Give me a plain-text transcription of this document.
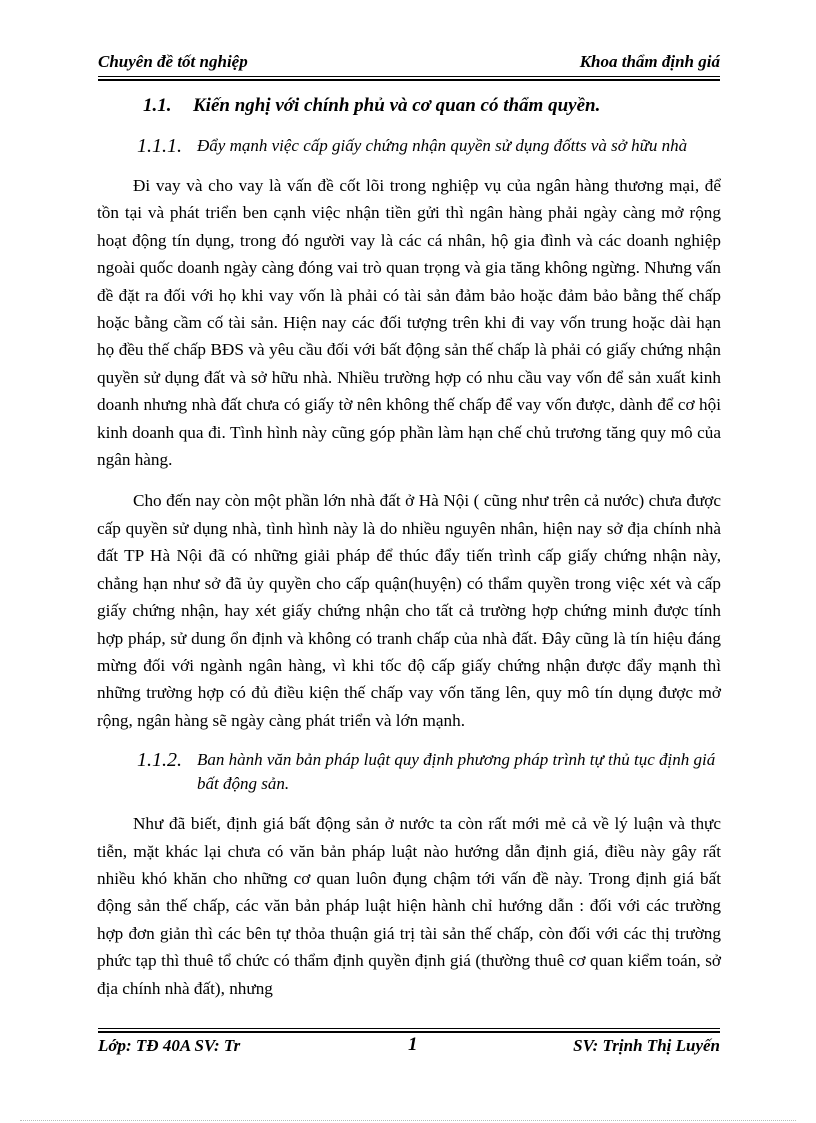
Chuyên đề tốt nghiệp	Khoa thẩm định giá
1.1.	Kiến nghị với chính phủ và cơ quan có thẩm quyền.
1.1.1. Đẩy mạnh việc cấp giấy chứng nhận quyền sử dụng đốtts và sở hữu nhà

Đi vay và cho vay là vấn đề cốt lõi trong nghiệp vụ của ngân hàng thương mại, để tồn tại và phát triển ben cạnh việc nhận tiền gửi thì ngân hàng phải ngày càng mở rộng hoạt động tín dụng, trong đó người vay là các cá nhân, hộ gia đình và các doanh nghiệp ngoài quốc doanh ngày càng đóng vai trò quan trọng và gia tăng không ngừng. Nhưng vấn đề đặt ra đối với họ khi vay vốn là phải có tài sản đảm bảo hoặc đảm bảo bằng thế chấp hoặc bằng cầm cố tài sản. Hiện nay các đối tượng trên khi đi vay vốn trung hoặc dài hạn họ đều thế chấp BĐS và yêu cầu đối với bất động sản thế chấp là phải có giấy chứng nhận quyền sử dụng đất và sở hữu nhà. Nhiều trường hợp có nhu cầu vay vốn để sản xuất kinh doanh nhưng nhà đất chưa có giấy tờ nên không thế chấp để vay vốn được, dành để cơ hội kinh doanh qua đi. Tình hình này cũng góp phần làm hạn chế chủ trương tăng quy mô của ngân hàng.

Cho đến nay còn một phần lớn nhà đất ở Hà Nội ( cũng như trên cả nước) chưa được cấp quyền sử dụng nhà, tình hình này là do nhiều nguyên nhân, hiện nay sở địa chính nhà đất TP Hà Nội đã có những giải pháp để thúc đẩy tiến trình cấp giấy chứng nhận này, chẳng hạn như sở đã ủy quyền cho cấp quận(huyện) có thẩm quyền trong việc xét và cấp giấy chứng nhận, hay xét giấy chứng nhận cho tất cả trường hợp chứng minh được tính hợp pháp, sử dung ổn định và không có tranh chấp của nhà đất. Đây cũng là tín hiệu đáng mừng đối với ngành ngân hàng, vì khi tốc độ cấp giấy chứng nhận được đẩy mạnh thì những trường hợp có đủ điều kiện thế chấp vay vốn tăng lên, quy mô tín dụng được mở rộng, ngân hàng sẽ ngày càng phát triển và lớn mạnh.

1.1.2. Ban hành văn bản pháp luật quy định phương pháp trình tự thủ tục định giá bất động sản.

Như đã biết, định giá bất động sản ở nước ta còn rất mới mẻ cả về lý luận và thực tiễn, mặt khác lại chưa có văn bản pháp luật nào hướng dẫn định giá, điều này gây rất nhiều khó khăn cho những cơ quan luôn đụng chậm tới vấn đề này. Trong định giá bất động sản thế chấp, các văn bản pháp luật hiện hành chỉ hướng dẫn : đối với các trường hợp đơn giản thì các bên tự thỏa thuận giá trị tài sản thế chấp, còn đối với các thị trường phức tạp thì thuê tổ chức có thẩm định quyền định giá (thường thuê cơ quan kiểm toán, sở địa chính nhà đất), nhưng

Lớp: TĐ 40A SV: Tr	1	SV: Trịnh Thị Luyến
